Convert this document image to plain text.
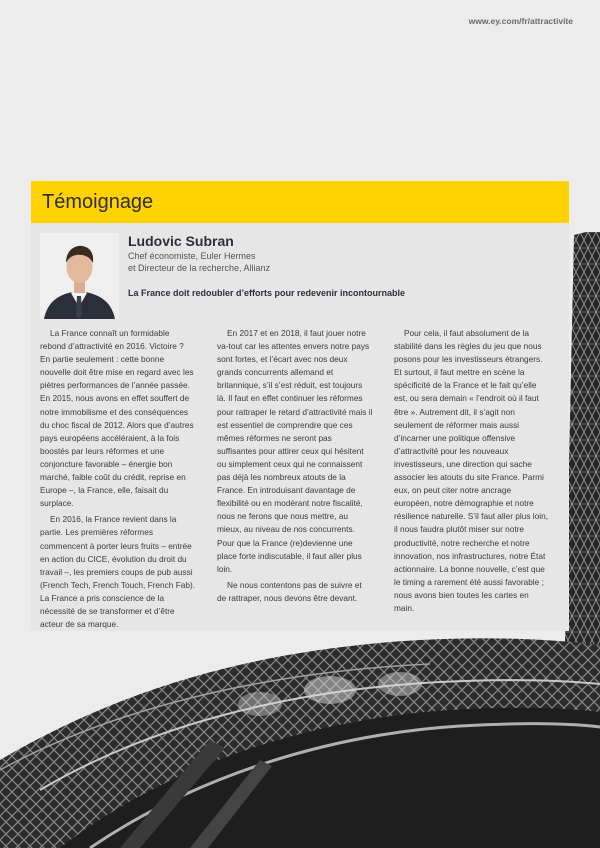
www.ey.com/fr/attractivite
Témoignage
Ludovic Subran
Chef économiste, Euler Hermes
et Directeur de la recherche, Allianz
La France doit redoubler d’efforts pour redevenir incontournable

La France connaît un formidable rebond d’attractivité en 2016. Victoire ? En partie seulement : cette bonne nouvelle doit être mise en regard avec les piètres performances de l’année passée. En 2015, nous avons en effet souffert de notre immobilisme et des conséquences du choc fiscal de 2012. Alors que d’autres pays européens accéléraient, à la fois boostés par leurs réformes et une conjoncture favorable – énergie bon marché, faible coût du crédit, reprise en Europe –, la France, elle, faisait du surplace.

En 2016, la France revient dans la partie. Les premières réformes commencent à porter leurs fruits – entrée en action du CICE, évolution du droit du travail –, les premiers coups de pub aussi (French Tech, French Touch, French Fab). La France a pris conscience de la nécessité de se transformer et d’être acteur de sa marque.

En 2017 et en 2018, il faut jouer notre va-tout car les attentes envers notre pays sont fortes, et l’écart avec nos deux grands concurrents allemand et britannique, s’il s’est réduit, est toujours là. Il faut en effet continuer les réformes pour rattraper le retard d’attractivité mais il est essentiel de comprendre que ces mêmes réformes ne seront pas suffisantes pour attirer ceux qui hésitent ou simplement ceux qui ne connaissent pas déjà les nombreux atouts de la France. En introduisant davantage de flexibilité ou en modérant notre fiscalité, nous ne ferons que nous mettre, au mieux, au niveau de nos concurrents. Pour que la France (re)devienne une place forte indiscutable, il faut aller plus loin.

Ne nous contentons pas de suivre et de rattraper, nous devons être devant.

Pour cela, il faut absolument de la stabilité dans les règles du jeu que nous posons pour les investisseurs étrangers. Et surtout, il faut mettre en scène la spécificité de la France et le fait qu’elle est, ou sera demain « l’endroit où il faut être ». Autrement dit, il s’agit non seulement de réformer mais aussi d’incarner une politique offensive d’attractivité pour les nouveaux investisseurs, une direction qui sache associer les atouts du site France. Parmi eux, on peut citer notre ancrage européen, notre démographie et notre résilience naturelle. S’il faut aller plus loin, il nous faudra plutôt miser sur notre productivité, notre recherche et notre innovation, nos infrastructures, notre État actionnaire. La bonne nouvelle, c’est que le timing a rarement été aussi favorable ; nous avons bien toutes les cartes en main.
